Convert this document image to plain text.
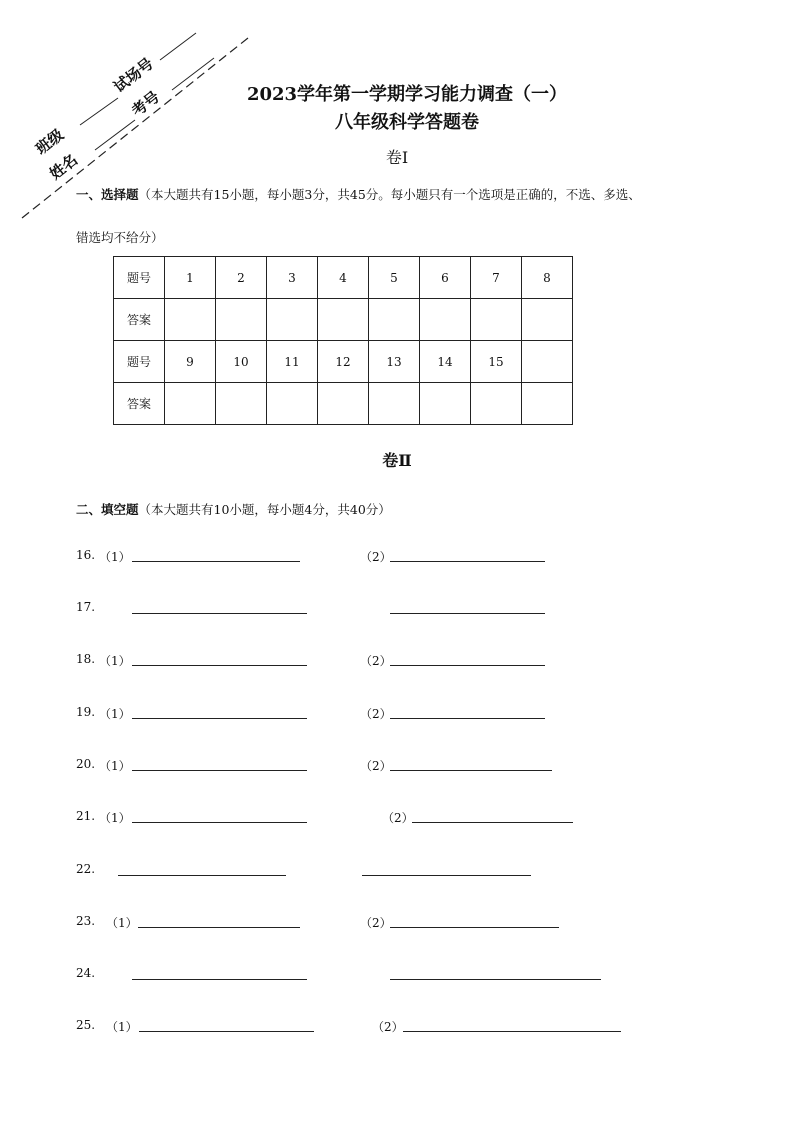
班级
试场号
姓名
考号	2023学年第一学期学习能力调查（一）
八年级科学答题卷
卷Ⅰ
一、选择题（本大题共有15小题，每小题3分，共45分。每小题只有一个选项是正确的，不选、多选、
错选均不给分）
题号	1	2	3	4	5	6	7	8
答案								
题号	9	10	11	12	13	14	15	
答案								
卷Ⅱ
二、填空题（本大题共有10小题，每小题4分，共40分）
16. （1）	（2）
17.
18. （1）	（2）
19. （1）	（2）
20. （1）	（2）
21. （1）	（2）
22.
23. （1）	（2）
24.
25. （1）	（2）
